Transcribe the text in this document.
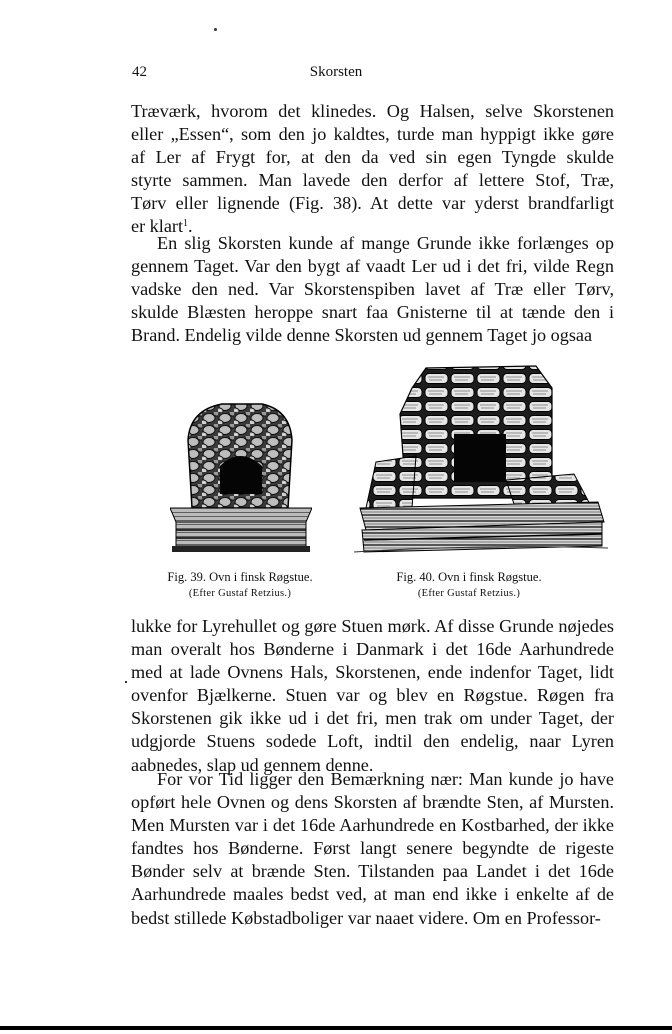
42	Skorsten
Træværk, hvorom det klinedes. Og Halsen, selve Skorstenen
eller „Essen“, som den jo kaldtes, turde man hyppigt ikke gøre
af Ler af Frygt for, at den da ved sin egen Tyngde skulde
styrte sammen. Man lavede den derfor af lettere Stof, Træ,
Tørv eller lignende (Fig. 38). At dette var yderst brandfarligt
er klart$^1$.

En slig Skorsten kunde af mange Grunde ikke forlænges op gennem Taget. Var den bygt af vaadt Ler ud i det fri, vilde Regn vadske den ned. Var Skorstenspiben lavet af Træ eller Tørv, skulde Blæsten heroppe snart faa Gnisterne til at tænde den i Brand. Endelig vilde denne Skorsten ud gennem Taget jo ogsaa

Fig. 39. Ovn i finsk Røgstue.
(Efter Gustaf Retzius.)
Fig. 40. Ovn i finsk Røgstue.
(Efter Gustaf Retzius.)

lukke for Lyrehullet og gøre Stuen mørk. Af disse Grunde nøjedes man overalt hos Bønderne i Danmark i det 16de Aarhundrede med at lade Ovnens Hals, Skorstenen, ende indenfor Taget, lidt ovenfor Bjælkerne. Stuen var og blev en Røgstue. Røgen fra Skorstenen gik ikke ud i det fri, men trak om under Taget, der udgjorde Stuens sodede Loft, indtil den endelig, naar Lyren aabnedes, slap ud gennem denne.

For vor Tid ligger den Bemærkning nær: Man kunde jo have opført hele Ovnen og dens Skorsten af brændte Sten, af Mursten. Men Mursten var i det 16de Aarhundrede en Kostbarhed, der ikke fandtes hos Bønderne. Først langt senere begyndte de rigeste Bønder selv at brænde Sten. Tilstanden paa Landet i det 16de Aarhundrede maales bedst ved, at man end ikke i enkelte af de bedst stillede Købstadboliger var naaet videre. Om en Professor-
